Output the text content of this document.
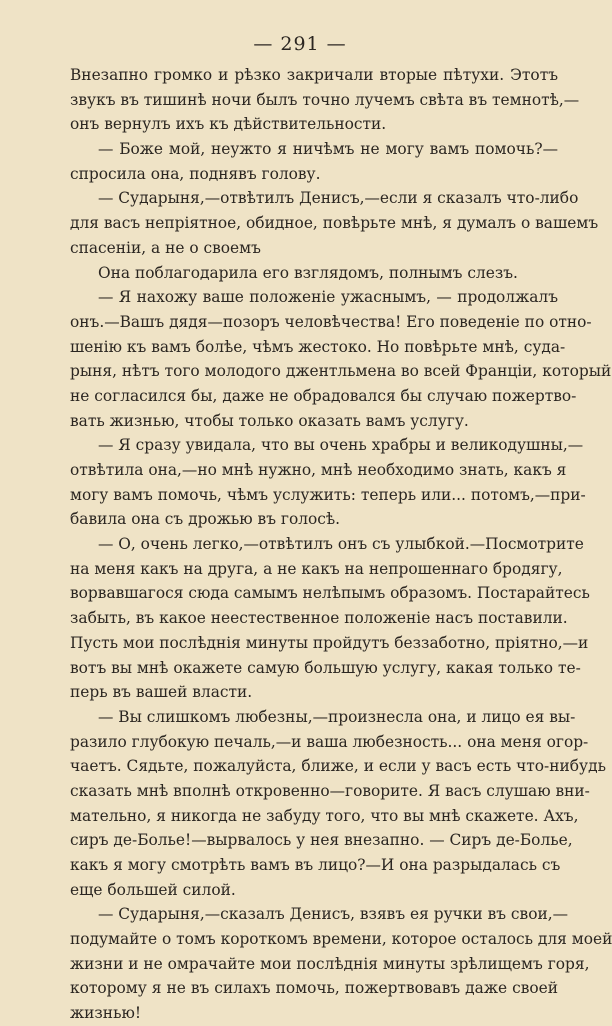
— 291 —
Внезапно громко и рѣзко закричали вторые пѣтухи. Этотъ
звукъ въ тишинѣ ночи былъ точно лучемъ свѣта въ темнотѣ,—
онъ вернулъ ихъ къ дѣйствительности.
— Боже мой, неужто я ничѣмъ не могу вамъ помочь?—
спросила она, поднявъ голову.
— Сударыня,—отвѣтилъ Денисъ,—если я сказалъ что-либо
для васъ непріятное, обидное, повѣрьте мнѣ, я думалъ о вашемъ
спасеніи, а не о своемъ
Она поблагодарила его взглядомъ, полнымъ слезъ.
— Я нахожу ваше положеніе ужаснымъ, — продолжалъ
онъ.—Вашъ дядя—позоръ человѣчества! Его поведеніе по отно-
шенію къ вамъ болѣе, чѣмъ жестоко. Но повѣрьте мнѣ, суда-
рыня, нѣтъ того молодого джентльмена во всей Франціи, который
не согласился бы, даже не обрадовался бы случаю пожертво-
вать жизнью, чтобы только оказать вамъ услугу.
— Я сразу увидала, что вы очень храбры и великодушны,—
отвѣтила она,—но мнѣ нужно, мнѣ необходимо знать, какъ я
могу вамъ помочь, чѣмъ услужить: теперь или... потомъ,—при-
бавила она съ дрожью въ голосѣ.
— О, очень легко,—отвѣтилъ онъ съ улыбкой.—Посмотрите
на меня какъ на друга, а не какъ на непрошеннаго бродягу,
ворвавшагося сюда самымъ нелѣпымъ образомъ. Постарайтесь
забыть, въ какое неестественное положеніе насъ поставили.
Пусть мои послѣднія минуты пройдутъ беззаботно, пріятно,—и
вотъ вы мнѣ окажете самую большую услугу, какая только те-
перь въ вашей власти.
— Вы слишкомъ любезны,—произнесла она, и лицо ея вы-
разило глубокую печаль,—и ваша любезность... она меня огор-
чаетъ. Сядьте, пожалуйста, ближе, и если у васъ есть что-нибудь
сказать мнѣ вполнѣ откровенно—говорите. Я васъ слушаю вни-
мательно, я никогда не забуду того, что вы мнѣ скажете. Ахъ,
сиръ де-Болье!—вырвалось у нея внезапно. — Сиръ де-Болье,
какъ я могу смотрѣть вамъ въ лицо?—И она разрыдалась съ
еще большей силой.
— Сударыня,—сказалъ Денисъ, взявъ ея ручки въ свои,—
подумайте о томъ короткомъ времени, которое осталось для моей
жизни и не омрачайте мои послѣднія минуты зрѣлищемъ горя,
которому я не въ силахъ помочь, пожертвовавъ даже своей
жизнью!
